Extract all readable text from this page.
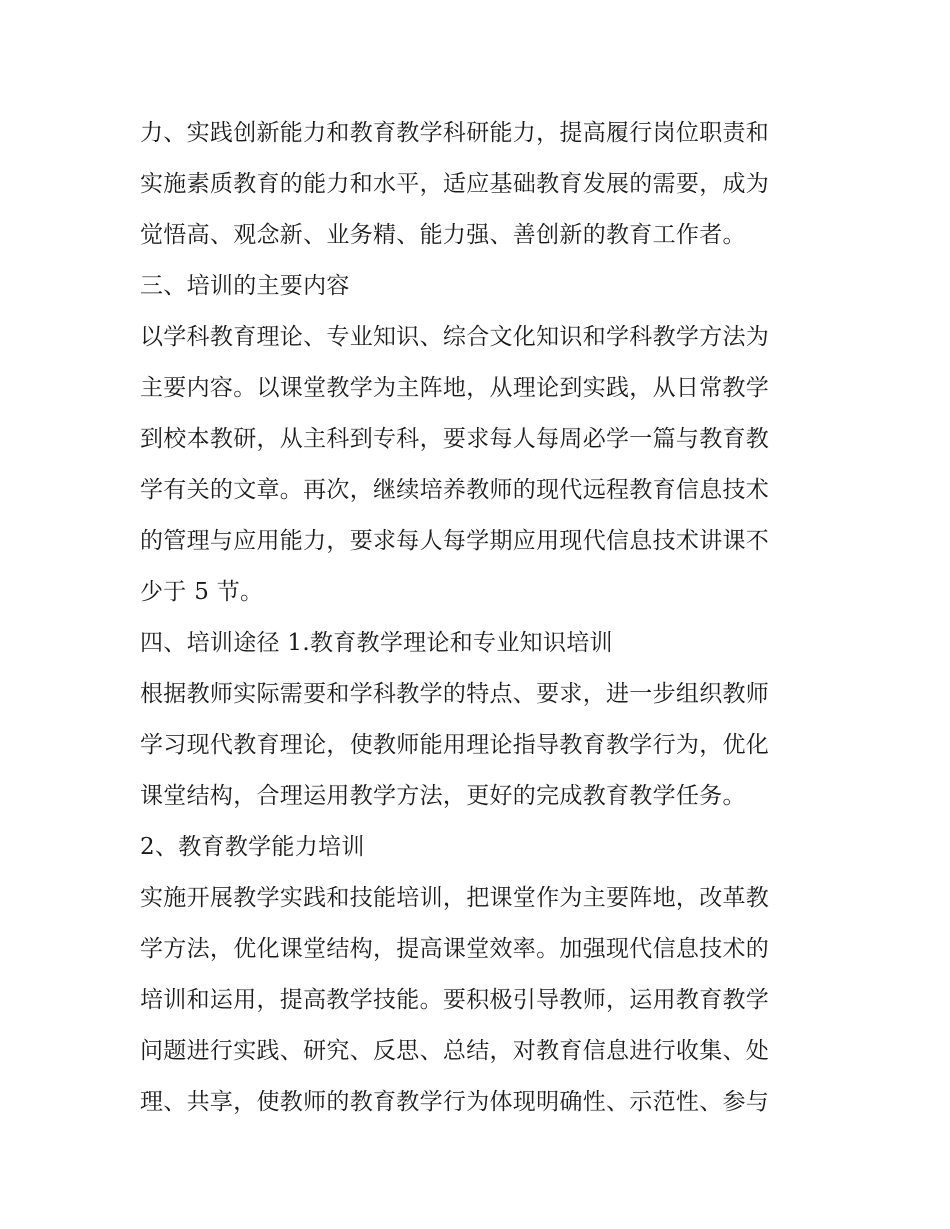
力、实践创新能力和教育教学科研能力，提高履行岗位职责和
实施素质教育的能力和水平，适应基础教育发展的需要，成为
觉悟高、观念新、业务精、能力强、善创新的教育工作者。
三、培训的主要内容
以学科教育理论、专业知识、综合文化知识和学科教学方法为
主要内容。以课堂教学为主阵地，从理论到实践，从日常教学
到校本教研，从主科到专科，要求每人每周必学一篇与教育教
学有关的文章。再次，继续培养教师的现代远程教育信息技术
的管理与应用能力，要求每人每学期应用现代信息技术讲课不
少于 5 节。
四、培训途径 1.教育教学理论和专业知识培训
根据教师实际需要和学科教学的特点、要求，进一步组织教师
学习现代教育理论，使教师能用理论指导教育教学行为，优化
课堂结构，合理运用教学方法，更好的完成教育教学任务。
2、教育教学能力培训
实施开展教学实践和技能培训，把课堂作为主要阵地，改革教
学方法，优化课堂结构，提高课堂效率。加强现代信息技术的
培训和运用，提高教学技能。要积极引导教师，运用教育教学
问题进行实践、研究、反思、总结，对教育信息进行收集、处
理、共享，使教师的教育教学行为体现明确性、示范性、参与
